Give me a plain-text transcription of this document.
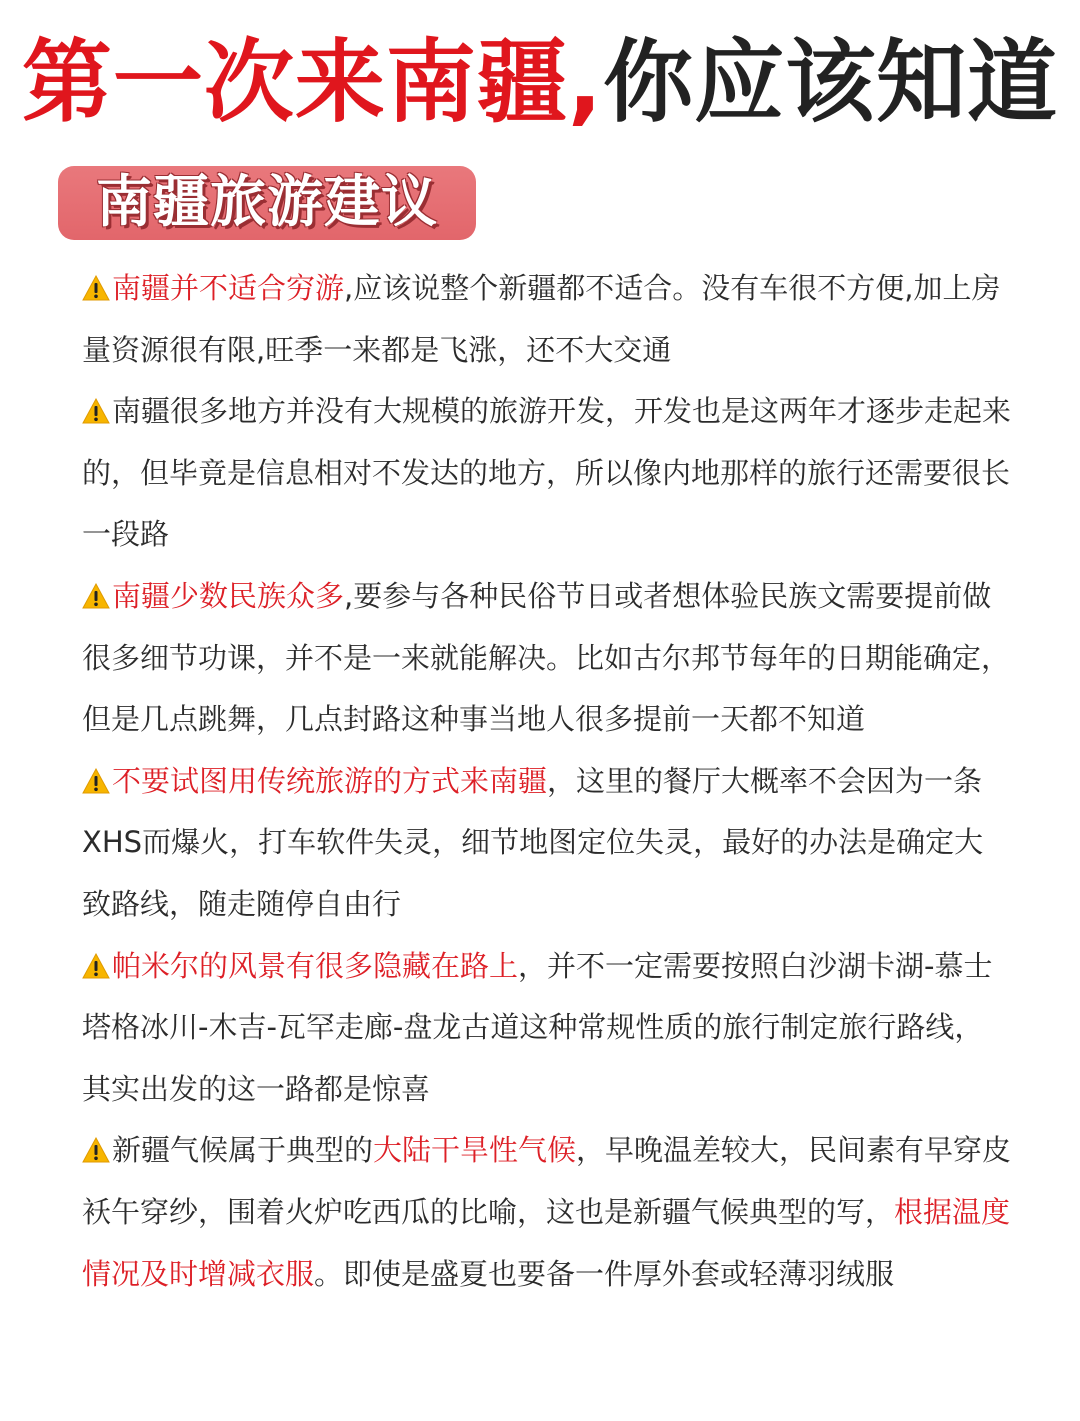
第一次来南疆,你应该知道
南疆旅游建议

南疆并不适合穷游,应该说整个新疆都不适合。没有车很不方便,加上房量资源很有限,旺季一来都是飞涨，还不大交通

南疆很多地方并没有大规模的旅游开发，开发也是这两年才逐步走起来的，但毕竟是信息相对不发达的地方，所以像内地那样的旅行还需要很长一段路

南疆少数民族众多,要参与各种民俗节日或者想体验民族文需要提前做很多细节功课，并不是一来就能解决。比如古尔邦节每年的日期能确定，但是几点跳舞，几点封路这种事当地人很多提前一天都不知道

不要试图用传统旅游的方式来南疆，这里的餐厅大概率不会因为一条XHS而爆火，打车软件失灵，细节地图定位失灵，最好的办法是确定大致路线，随走随停自由行

帕米尔的风景有很多隐藏在路上，并不一定需要按照白沙湖卡湖-慕士塔格冰川-木吉-瓦罕走廊-盘龙古道这种常规性质的旅行制定旅行路线，其实出发的这一路都是惊喜

新疆气候属于典型的大陆干旱性气候，早晚温差较大，民间素有早穿皮袄午穿纱，围着火炉吃西瓜的比喻，这也是新疆气候典型的写，根据温度情况及时增减衣服。即使是盛夏也要备一件厚外套或轻薄羽绒服
